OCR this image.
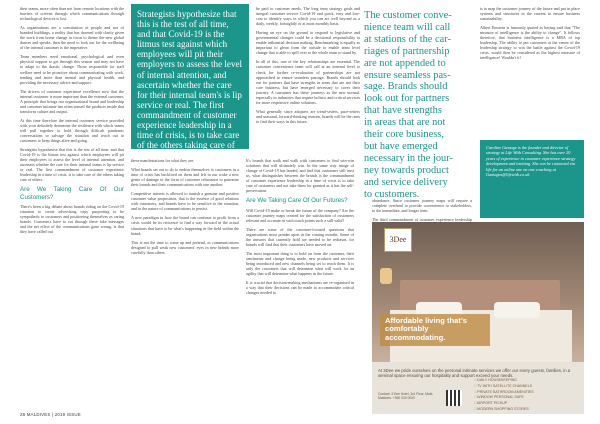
their teams, more often than not from remote locations with the barriers of screens through which communications through technological devices is lost.

As organisations are a constitution of people and not of branded buildings, a reality that has dawned with clarity given the work from home change in focus to theme the-new global dances and speaks, then the need to look out for the wellbeing of the internal customer is the imperative.

Team members need emotional, psychological and even physical support to get through this season and may not have to adapt to the drastic change. Those responsible for staff welfare need to be proactive about communicating with work, tending and more than mental and physical health, and providing the necessary advice and support.

The drivers of customer experience excellence now that the internal customer is more important than the external customer. A principle that brings our organisational brand and leadership and customer intimate has often sensed the products inside that transform culture and output.

At this time therefore the internal customer service provided with your definitely determine the resilience with which teams will pull together to hold through difficult pandemic conversations to salvage the situation and reach out to customers to keep things alive and going.

Strategists hypothesise that this is the test of all time, and that Covid-19 is the litmus test against which employees will pit their employees to assess the level of internal attention, and ascertain whether the care for their internal teams is lip service or real. The first commandment of customer experience leadership in a time of crisis, is to take care of the others taking care of others.

Are We Taking Care Of Our Customers?

There's been a big debate about brands riding on the Covid-19 situation to create advertising copy purporting to be sympathetic to customers and positioning themselves as caring brands. Customers have to cut through these fake messages and the net effect of the communications gone wrong, is that they have called out

Strategists hypothesize that this is the test of all time, and that Covid-19 is the litmus test against which employees will pit their employers to assess the level of internal attention, and ascertain whether the care for their internal team's is lip service or real. The first commandment of customer experience leadership in a time of crisis, is to take care of the others taking care of others.

these manifestations for what they are.

What brands set out to do to endear themselves to customers in a time of crisis has backfired on them and left in our wake a new genre of damage in the form of customer reluctance to patronise their brands and their communications with one another.

Competitive interest is allowed to tarnish a genuine and positive customer value proposition, that is the essence of good relations with customers, and brands have to be sensitive to the situation, and to the nature of communications to persist.

A new paradigm in how the brand can continue to profit from a crisis would be its reticence to find a way forward in the actual situations that have to be what's happening in the field within the brand.

This is not the time to come up and pretend, as communications designed to pull weak new customers' eyes in new brands more carefully than others.

It's brands that walk and walk with customers to find win-win solutions that will ultimately win. In the same way image of change of Covid-19 has landed, and find that customers still trust us, what distinguishes between the brands is the commandment of customer experience leadership in a time of crisis is to take care of customers and not take them for granted as it has the self-preservation.

Are We Taking Care Of Our Futures?

Will Covid-19 make or break the future of the company? Are the customer journey maps created for the satisfaction of customers relevant and accurate in such touch points such a still valid?

There are some of the customer-focused questions that organisations must ponder upon in the coming months. Some of the answers that currently hold are needed to be redrawn, for brands will find that their customers have moved on.

The most important thing is to hold on from the customer, their sentiments and change being made, new products and services being introduced and new channels being set to reach them. It is only the customers that will determine what will work for an agility that will determine what happens in the future.

It is crucial that decision-making mechanisms are re-organised in a way that their decisions can be made to accommodate critical changes needed to

be paid to customer needs. The long term strategy goals and integral customer service Covid-19 and quick, easy and low-cost to identify ways in which you can act well beyond as a daily, weekly, fortnightly or at most monthly basis.

Having an eye on the ground to respond to legislative and governmental changes could be a decisional responsibility to enable influential decision making. Benchmarking is equally as important to glean from the outside to enable team level change that is able to spill over to the whole team to stand by.

In all of this, one of the key relationships are essential. The customer convenience team will call at an internal level to check for further re-evaluation of partnerships are not approached to ensure seamless passage. Brands should look out for partners that have strengths in areas that are not their core business, but have emerged necessary to cover their journey. A consumer has these journeys as the new normal, especially in industries that require holistic and critical services for more responsive online solutions.

What generally since adopters are trend-setters, pace-setters and seasonal, forward-thinking reasons, brands will be the ones to find their ways in this future.

The customer conve-
nience team will call
at stations of the car-
riages of partnership
are not appended to
ensure seamless pas-
sage. Brands should
look out for partners
that have strengths
in areas that are not
their core business,
but have emerged
necessary in the jour-
ney towards product
and service delivery
to customers.

abundance. Since customer journey maps will require a complete overhaul to provide convenience to stakeholders, to the immediate, and longer term.

The third commandment of customer experience leadership

is to map the customer journey of the future and put in place systems and structures in the current to ensure business sustainability.

Albert Einstein is famously quoted as having said that "The measure of intelligence is the ability to change". It follows therefore, that business intelligence is a MBA of top leadership. The ability to put customers at the centre of the leadership strategy to win the battle against the Covid-19 crisis, would then be considered as the highest measure of intelligence! Wouldn't it?

Caroline Gamage is the founder and director of strategy at Life With Consulting. She has over 20 years of experience in customer experience strategy development and training. She can be contacted via life for an online one on one coaching at Gamages@lifewith.co.uk.
3Dee
Affordable living that's comfortably accommodating.
At 3Dee we pride ourselves on the personal intimate services we offer our every guests, families, in a seminal space ensuring our hospitality and support exceed your needs.
□ DAILY HOUSEKEEPING
□ TV WITH SATELLITE CHANNELS
□ PRIVATE BATHROOM AMENITIES
□ WINDOW PERSONAL SAFE
□ AIRPORT PICKUP
□ MODERN SHOPPING STORES
Contact: 3 Dee Hotel, 3rd Floor, Male, Maldives. +960 000 0000
28 MALDIVES | 2019 ISSUE
